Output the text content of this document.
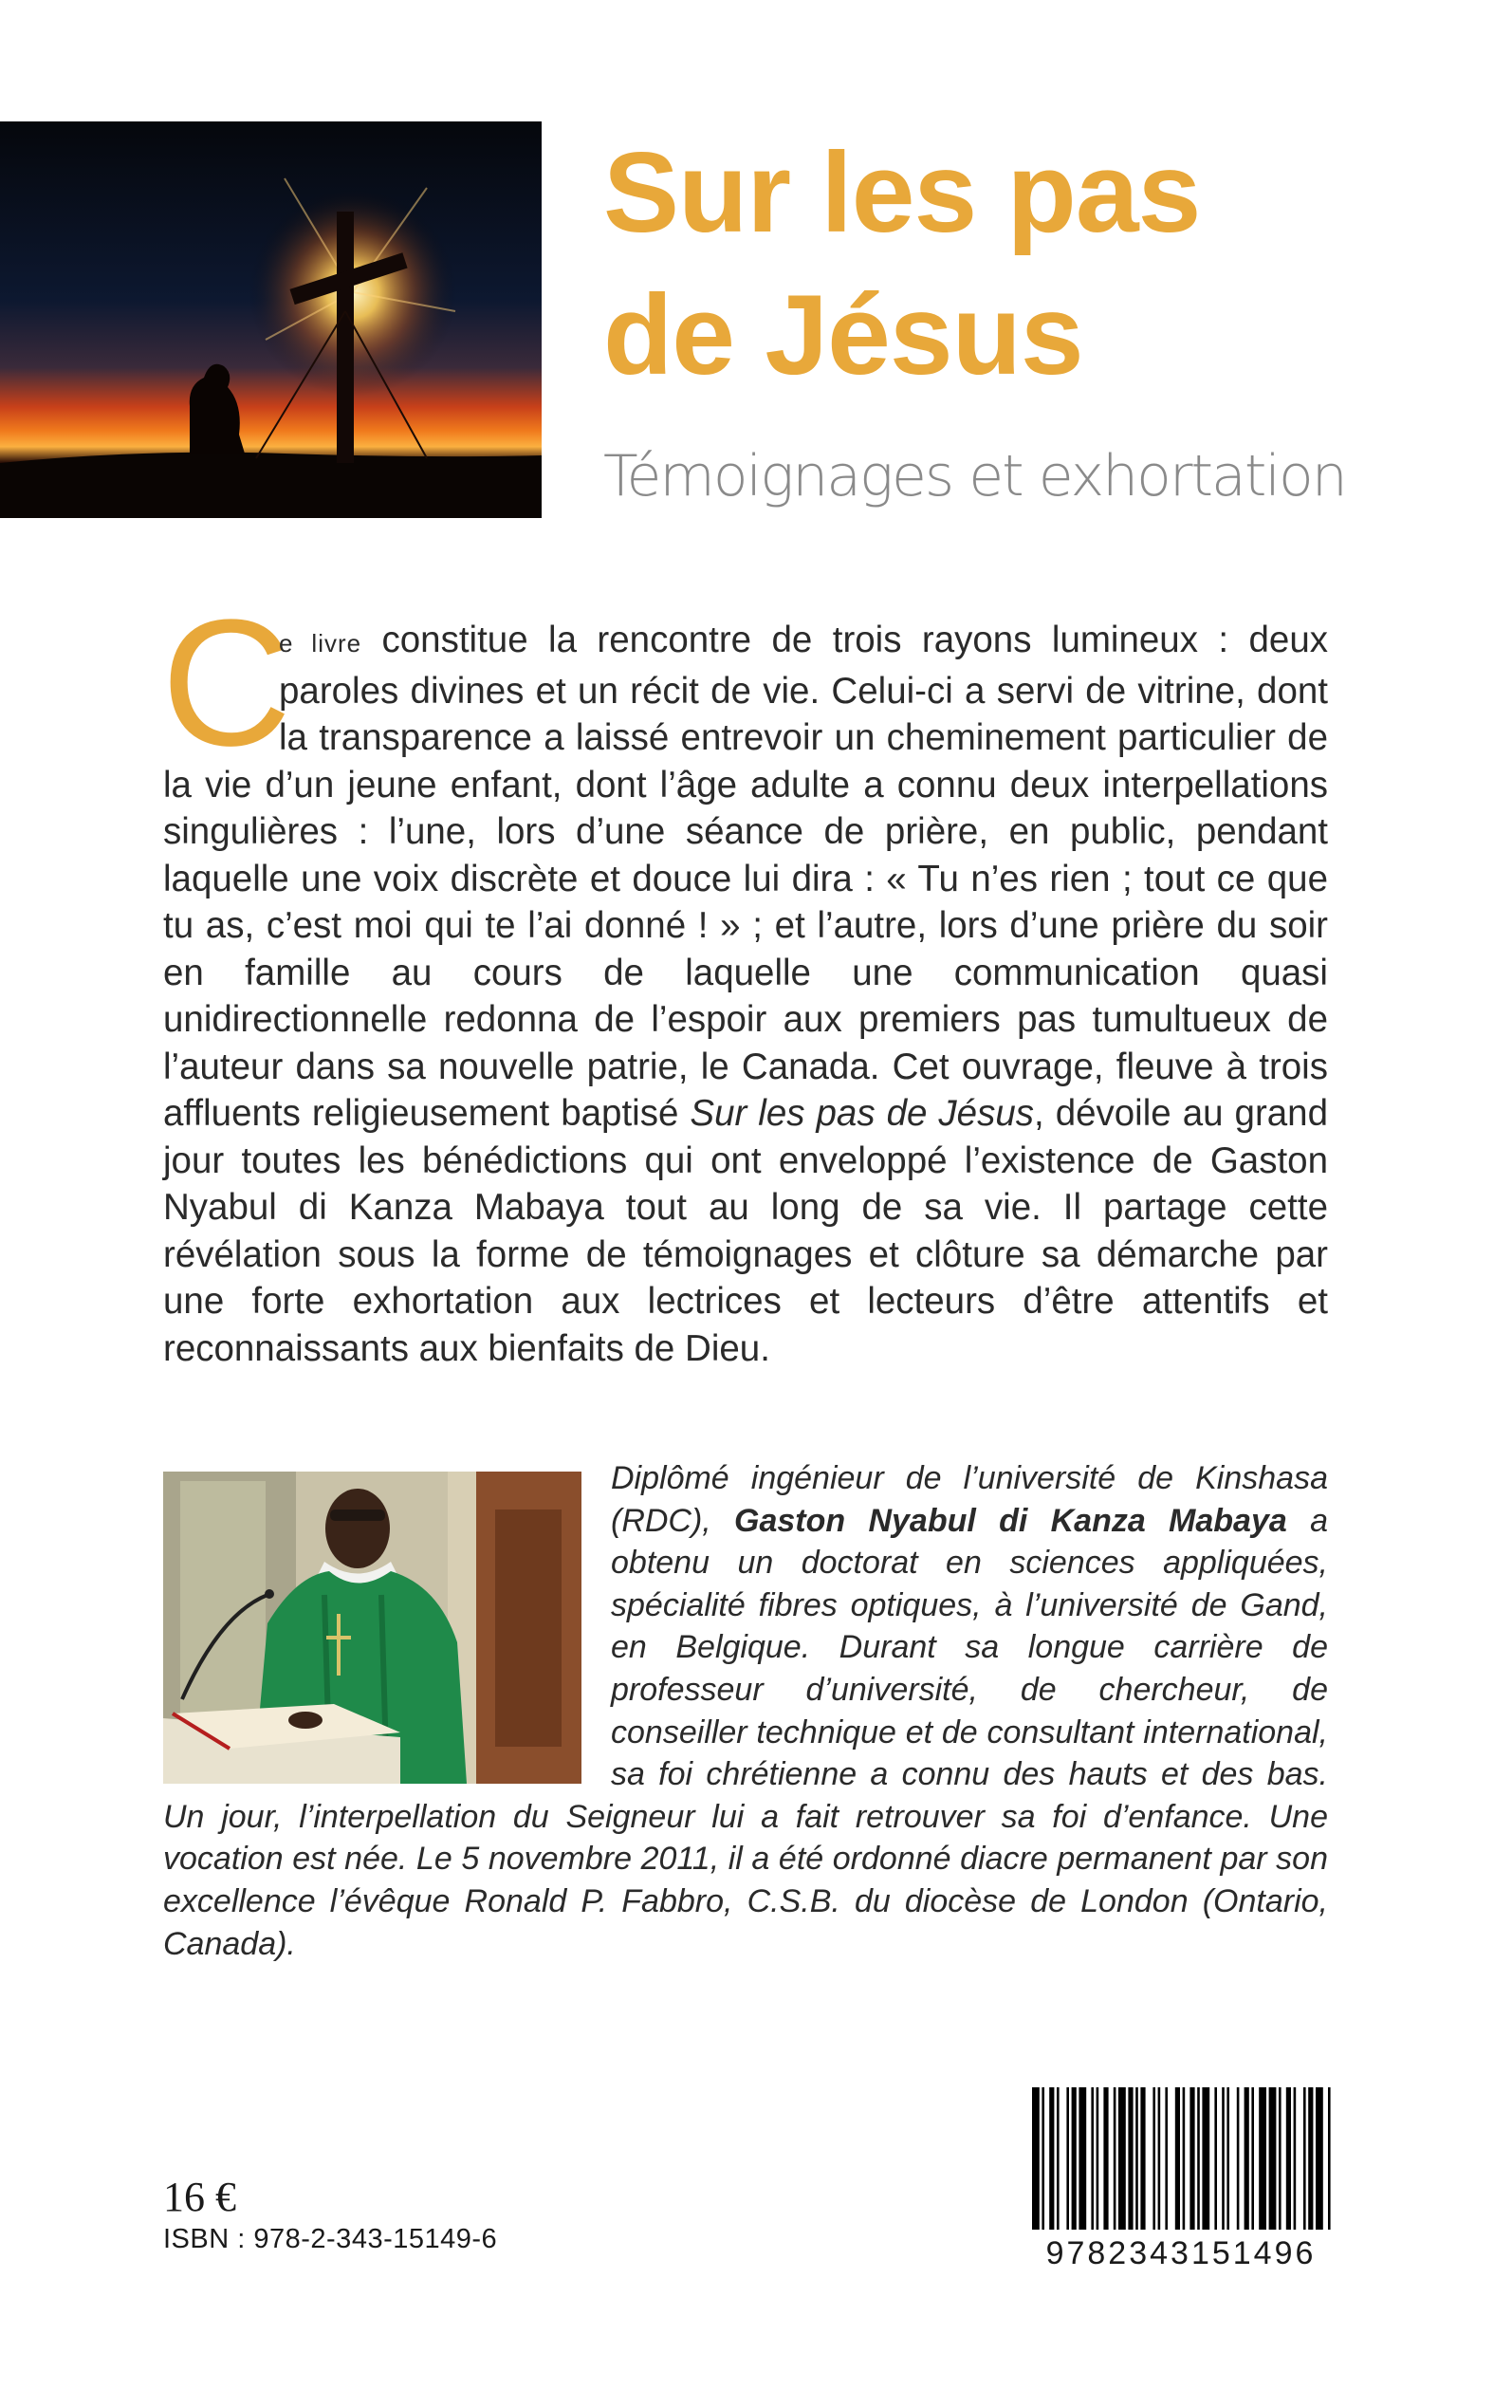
Sur les pas
de Jésus
Témoignages et exhortation
C

e livre constitue la rencontre de trois rayons lumineux : deux paroles divines et un récit de vie. Celui-ci a servi de vitrine, dont la transparence a laissé entrevoir un cheminement particulier de la vie d’un jeune enfant, dont l’âge adulte a connu deux interpellations singulières : l’une, lors d’une séance de prière, en public, pendant laquelle une voix discrète et douce lui dira : « Tu n’es rien ; tout ce que tu as, c’est moi qui te l’ai donné ! » ; et l’autre, lors d’une prière du soir en famille au cours de laquelle une communication quasi unidirectionnelle redonna de l’espoir aux premiers pas tumultueux de l’auteur dans sa nouvelle patrie, le Canada. Cet ouvrage, fleuve à trois affluents religieusement baptisé Sur les pas de Jésus, dévoile au grand jour toutes les bénédictions qui ont enveloppé l’existence de Gaston Nyabul di Kanza Mabaya tout au long de sa vie. Il partage cette révélation sous la forme de témoignages et clôture sa démarche par une forte exhortation aux lectrices et lecteurs d’être attentifs et reconnaissants aux bienfaits de Dieu.

Diplômé ingénieur de l’université de Kinshasa (RDC), Gaston Nyabul di Kanza Mabaya a obtenu un doctorat en sciences appliquées, spécialité fibres optiques, à l’université de Gand, en Belgique. Durant sa longue carrière de professeur d’université, de chercheur, de conseiller technique et de consultant international, sa foi chrétienne a connu des hauts et des bas. Un jour, l’interpellation du Seigneur lui a fait retrouver sa foi d’enfance. Une vocation est née. Le 5 novembre 2011, il a été ordonné diacre permanent par son excellence l’évêque Ronald P. Fabbro, C.S.B. du diocèse de London (Ontario, Canada).

16 €
ISBN : 978-2-343-15149-6	9782343151496
